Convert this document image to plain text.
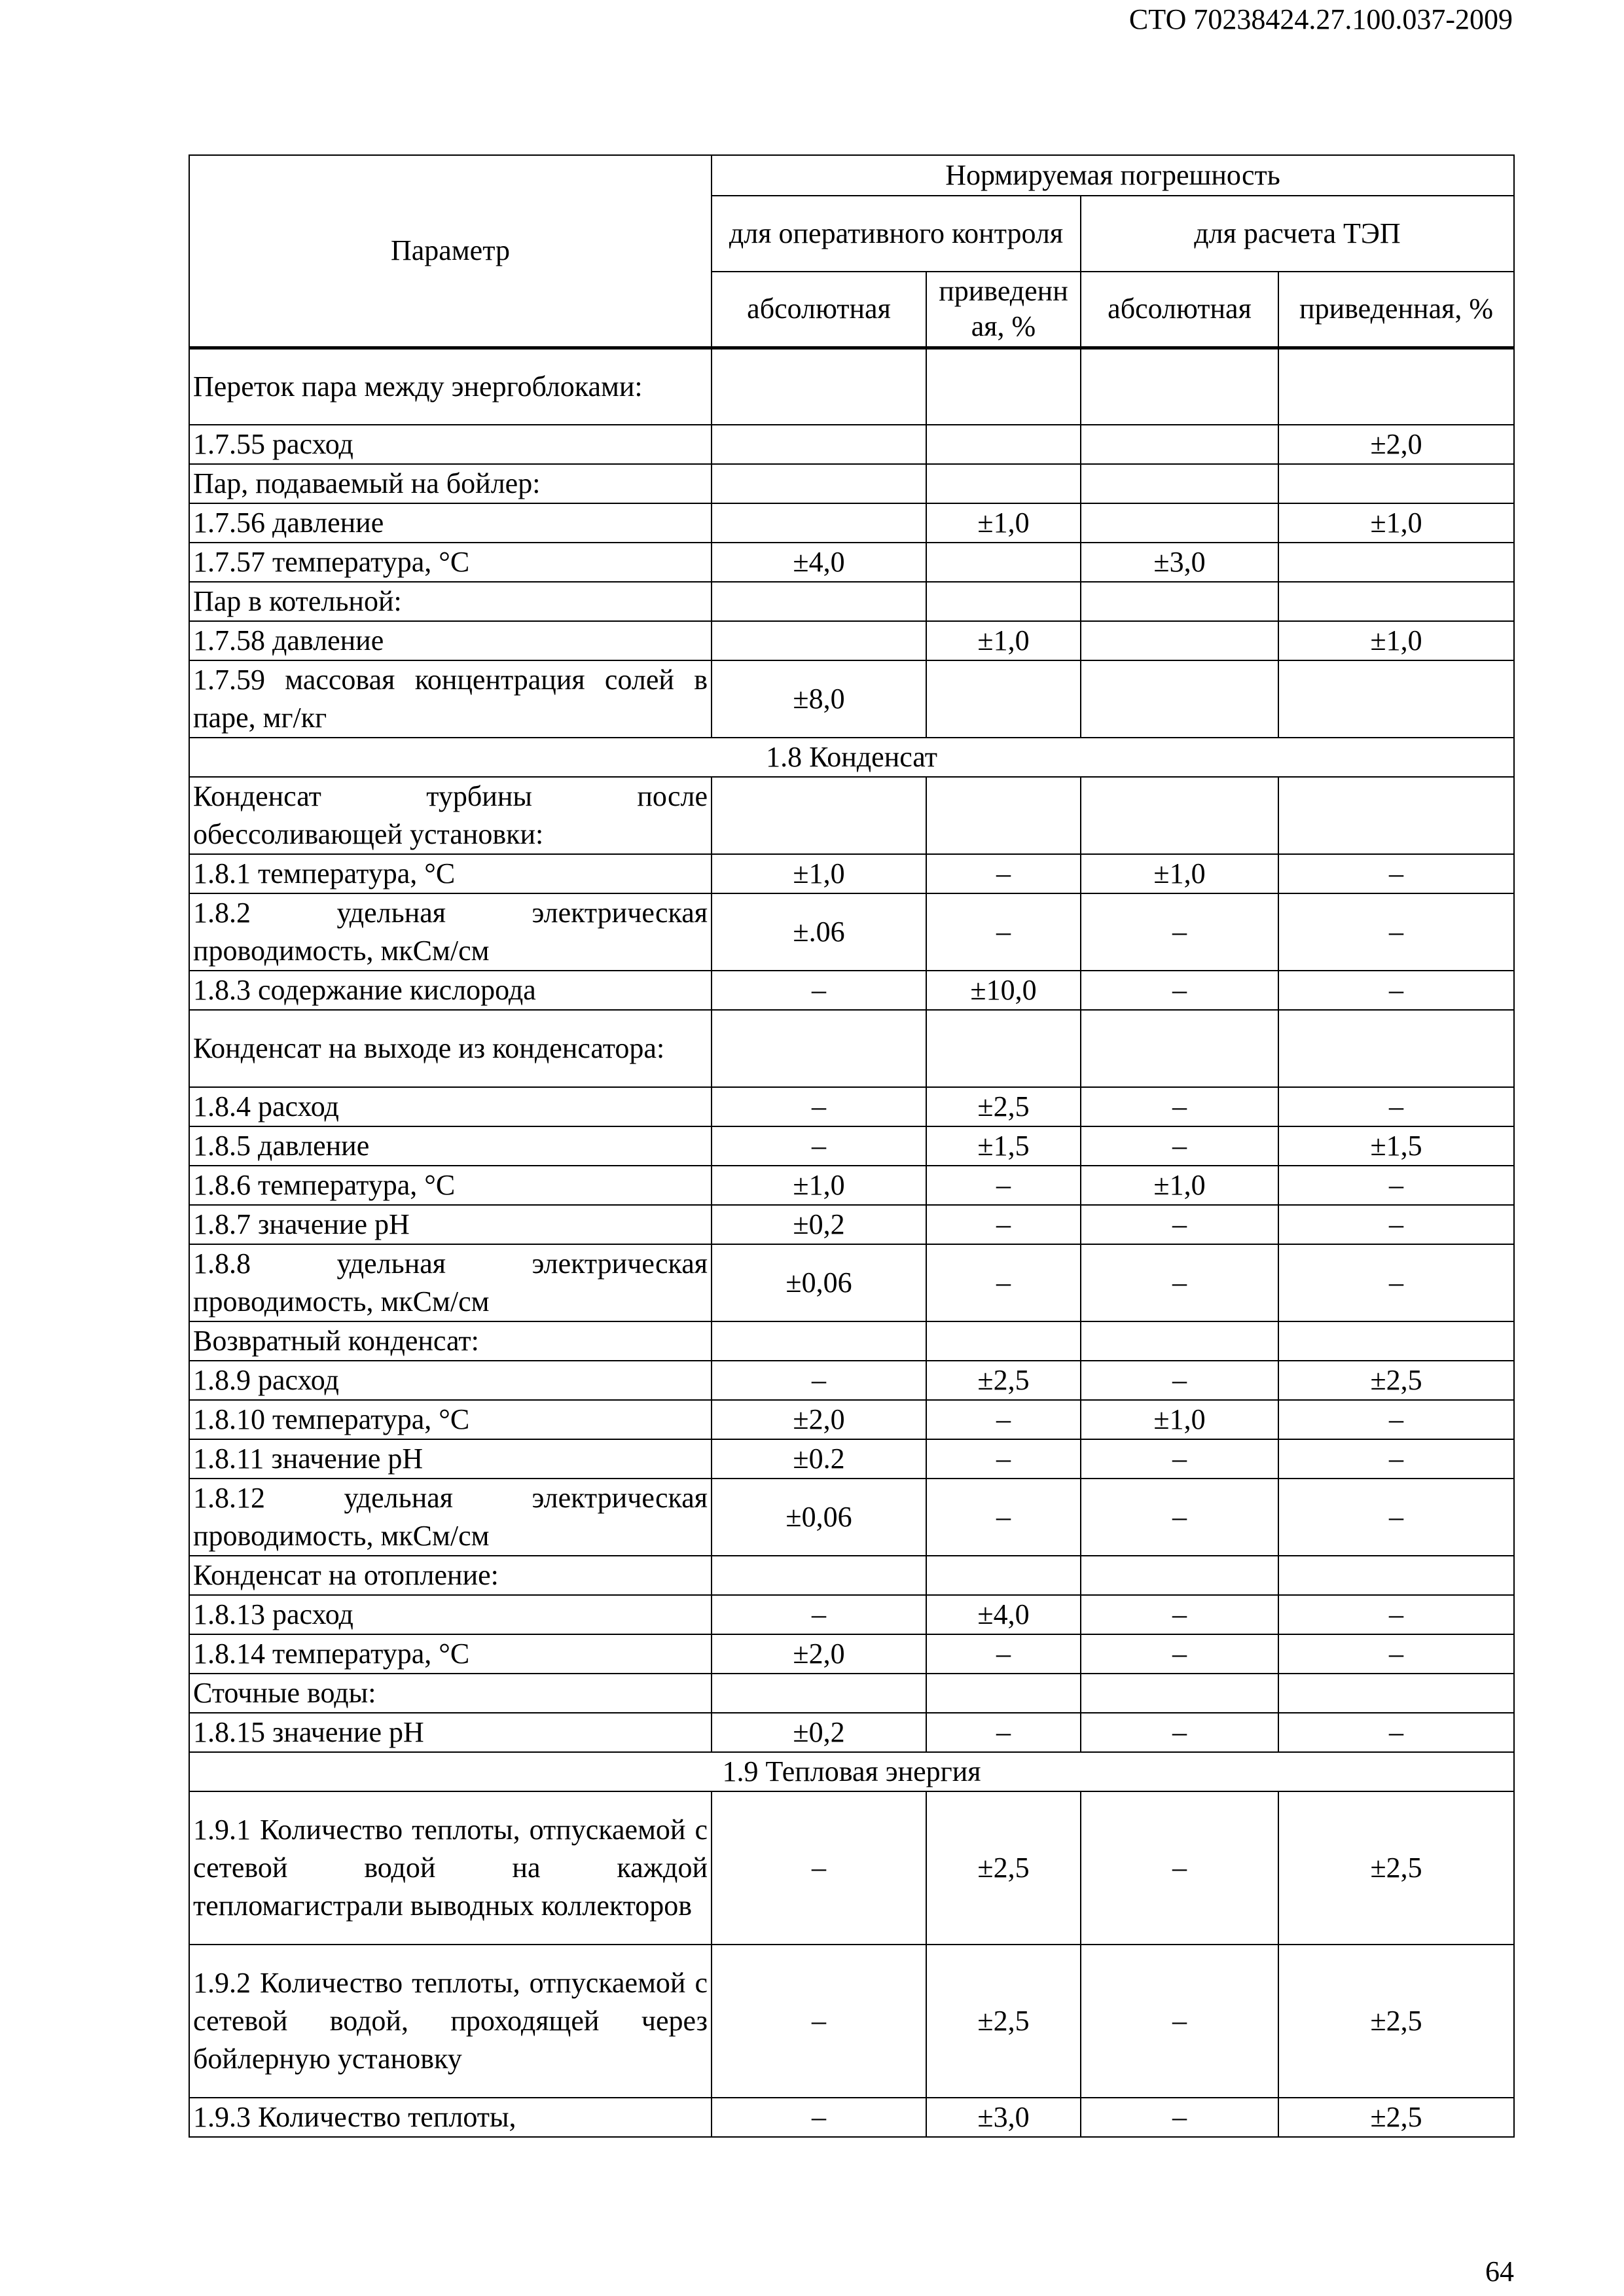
СТО 70238424.27.100.037-2009
Параметр	Нормируемая погрешность			
	для оперативного контроля		для расчета ТЭП	
	абсолютная	приведенн ая, %	абсолютная	приведенная, %
Переток пара между энергоблоками:				
1.7.55 расход				±2,0
Пар, подаваемый на бойлер:				
1.7.56 давление		±1,0		±1,0
1.7.57 температура, °С	±4,0		±3,0	
Пар в котельной:				
1.7.58 давление		±1,0		±1,0
1.7.59 массовая концентрация солей в паре, мг/кг	±8,0			
1.8 Конденсат				
Конденсат турбины после обессоливающей установки:				
1.8.1 температура, °С	±1,0	–	±1,0	–
1.8.2 удельная электрическая проводимость, мкСм/см	±.06	–	–	–
1.8.3 содержание кислорода	–	±10,0	–	–
Конденсат на выходе из конденсатора:				
1.8.4 расход	–	±2,5	–	–
1.8.5 давление	–	±1,5	–	±1,5
1.8.6 температура, °С	±1,0	–	±1,0	–
1.8.7 значение рН	±0,2	–	–	–
1.8.8 удельная электрическая проводимость, мкСм/см	±0,06	–	–	–
Возвратный конденсат:				
1.8.9 расход	–	±2,5	–	±2,5
1.8.10 температура, °С	±2,0	–	±1,0	–
1.8.11 значение рН	±0.2	–	–	–
1.8.12 удельная электрическая проводимость, мкСм/см	±0,06	–	–	–
Конденсат на отопление:				
1.8.13 расход	–	±4,0	–	–
1.8.14 температура, °С	±2,0	–	–	–
Сточные воды:				
1.8.15 значение рН	±0,2	–	–	–
1.9 Тепловая энергия				
1.9.1 Количество теплоты, отпускаемой с сетевой водой на каждой тепломагистрали выводных коллекторов	–	±2,5	–	±2,5
1.9.2 Количество теплоты, отпускаемой с сетевой водой, проходящей через бойлерную установку	–	±2,5	–	±2,5
1.9.3 Количество теплоты,	–	±3,0	–	±2,5
64
